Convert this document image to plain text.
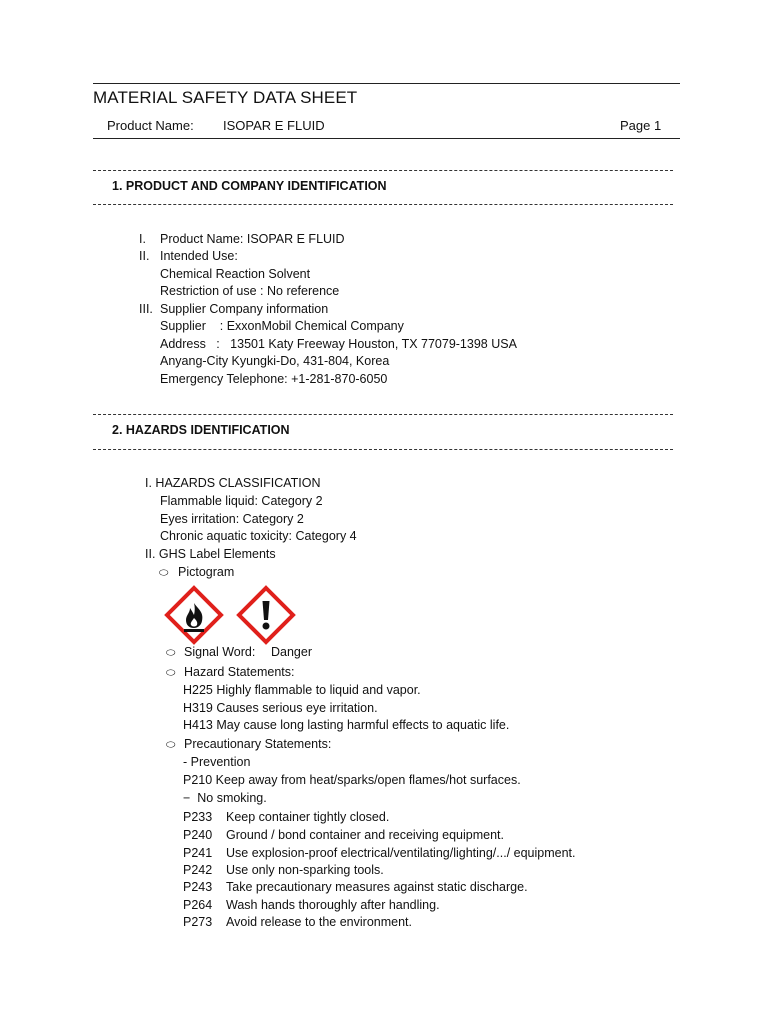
MATERIAL SAFETY DATA SHEET
Product Name: ISOPAR E FLUID	Page 1
1. PRODUCT AND COMPANY IDENTIFICATION
I. Product Name: ISOPAR E FLUID
II. Intended Use:
Chemical Reaction Solvent
Restriction of use : No reference
III. Supplier Company information
Supplier    : ExxonMobil Chemical Company
Address   :   13501 Katy Freeway Houston, TX 77079-1398 USA
Anyang-City Kyungki-Do, 431-804, Korea
Emergency Telephone: +1-281-870-6050
2. HAZARDS IDENTIFICATION
I. HAZARDS CLASSIFICATION
Flammable liquid: Category 2
Eyes irritation: Category 2
Chronic aquatic toxicity: Category 4
II. GHS Label Elements
⬭ Pictogram
⬭ Signal Word: Danger
⬭ Hazard Statements:
H225 Highly flammable to liquid and vapor.
H319 Causes serious eye irritation.
H413 May cause long lasting harmful effects to aquatic life.
⬭ Precautionary Statements:
- Prevention
P210 Keep away from heat/sparks/open flames/hot surfaces.
−  No smoking.
P233 Keep container tightly closed.
P240 Ground / bond container and receiving equipment.
P241 Use explosion-proof electrical/ventilating/lighting/.../ equipment.
P242 Use only non-sparking tools.
P243 Take precautionary measures against static discharge.
P264 Wash hands thoroughly after handling.
P273 Avoid release to the environment.
